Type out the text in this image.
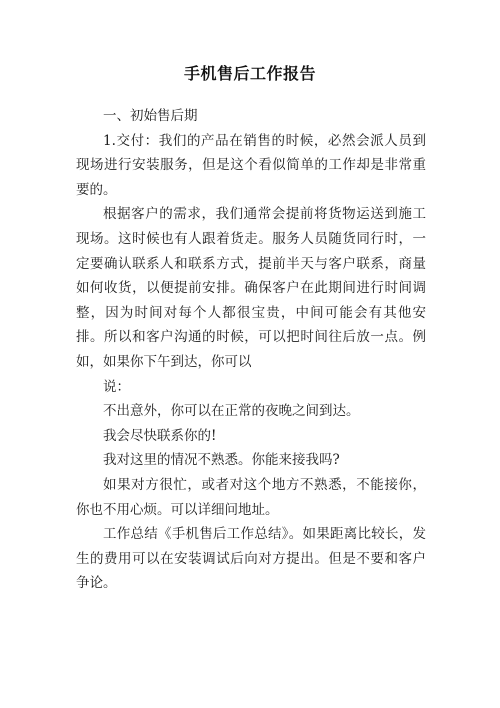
手机售后工作报告

一、初始售后期

1.交付：我们的产品在销售的时候，必然会派人员到现场进行安装服务，但是这个看似简单的工作却是非常重要的。

根据客户的需求，我们通常会提前将货物运送到施工现场。这时候也有人跟着货走。服务人员随货同行时，一定要确认联系人和联系方式，提前半天与客户联系，商量如何收货，以便提前安排。确保客户在此期间进行时间调整，因为时间对每个人都很宝贵，中间可能会有其他安排。所以和客户沟通的时候，可以把时间往后放一点。例如，如果你下午到达，你可以

说：

不出意外，你可以在正常的夜晚之间到达。

我会尽快联系你的!

我对这里的情况不熟悉。你能来接我吗?

如果对方很忙，或者对这个地方不熟悉，不能接你，你也不用心烦。可以详细问地址。

工作总结《手机售后工作总结》。如果距离比较长，发生的费用可以在安装调试后向对方提出。但是不要和客户争论。
